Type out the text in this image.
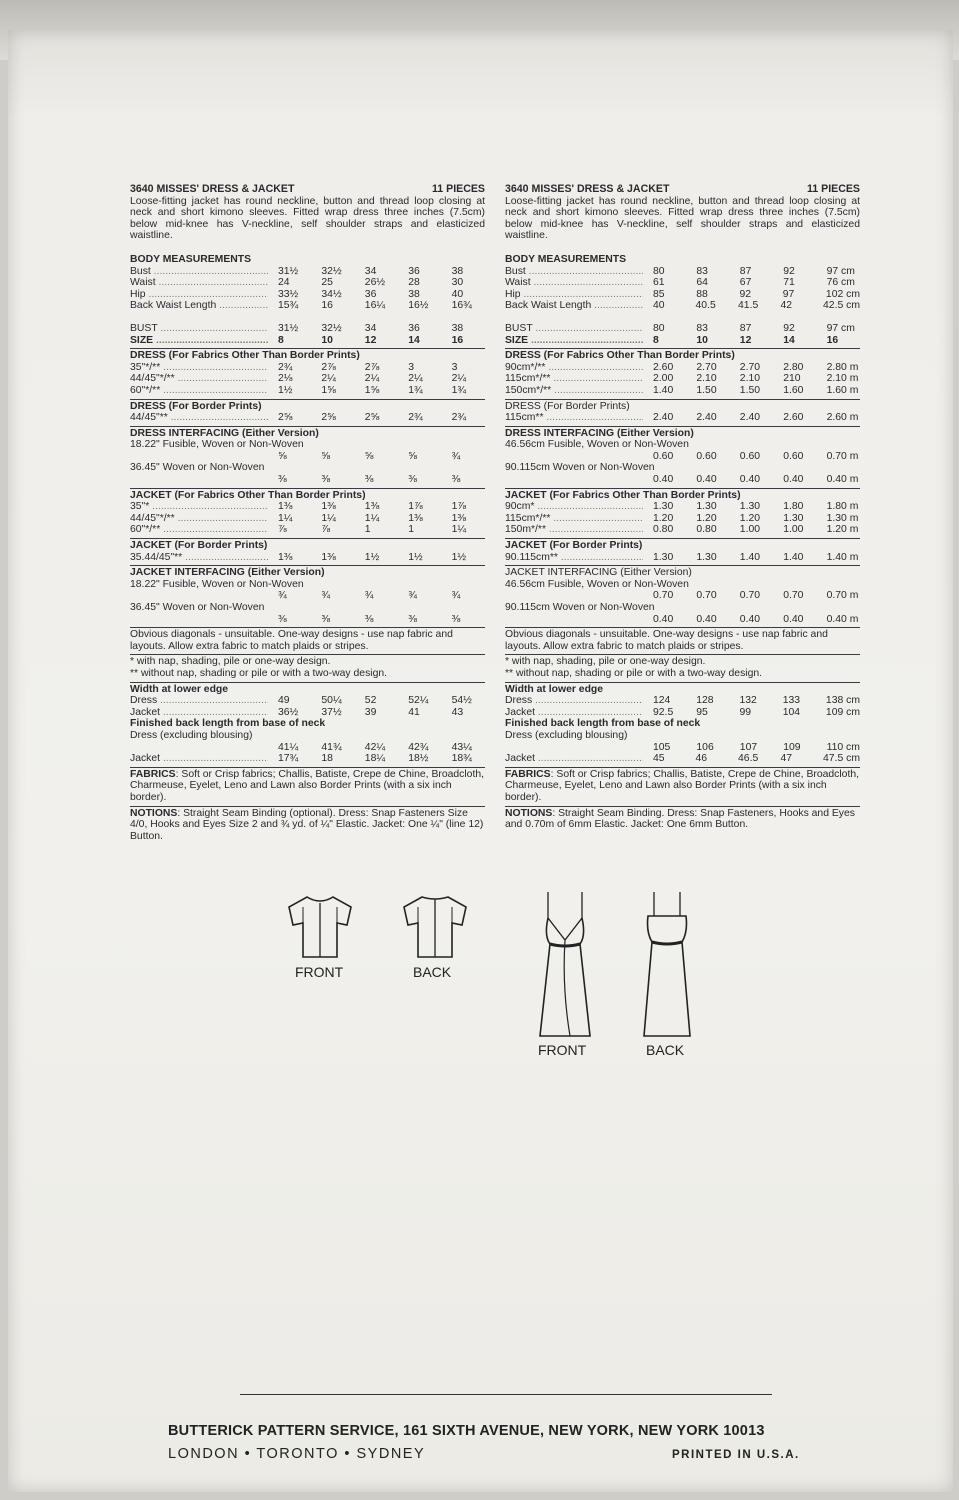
3640 MISSES' DRESS & JACKET	11 PIECES
Loose-fitting jacket has round neckline, button and thread loop closing at neck and short kimono sleeves. Fitted wrap dress three inches (7.5cm) below mid-knee has V-neckline, self shoulder straps and elasticized waistline.
BODY MEASUREMENTS
Bust .....	31½	32½	34	36	38
Waist .....	24	25	26½	28	30
Hip .....	33½	34½	36	38	40
Back Waist Length .....	15¾	16	16¼	16½	16¾
BUST .....	31½	32½	34	36	38
SIZE .....	8	10	12	14	16
DRESS (For Fabrics Other Than Border Prints)
35"*/** .....	2¾	2⅞	2⅞	3	3
44/45"*/** .....	2⅛	2¼	2¼	2¼	2¼
60"*/** .....	1½	1⅝	1⅝	1¾	1¾
DRESS (For Border Prints)
44/45"** .....	2⅝	2⅝	2⅝	2¾	2¾
DRESS INTERFACING (Either Version)
18.22" Fusible, Woven or Non-Woven
⅝	⅝	⅝	⅝	¾
36.45" Woven or Non-Woven
⅜	⅜	⅜	⅜	⅜
JACKET (For Fabrics Other Than Border Prints)
35"* .....	1⅜	1⅜	1⅜	1⅞	1⅞
44/45"*/** .....	1¼	1¼	1¼	1⅜	1⅜
60"*/** .....	⅞	⅞	1	1	1¼
JACKET (For Border Prints)
35.44/45"** .....	1⅜	1⅜	1½	1½	1½
JACKET INTERFACING (Either Version)
18.22" Fusible, Woven or Non-Woven
¾	¾	¾	¾	¾
36.45" Woven or Non-Woven
⅜	⅜	⅜	⅜	⅜
Obvious diagonals - unsuitable. One-way designs - use nap fabric and layouts. Allow extra fabric to match plaids or stripes.
* with nap, shading, pile or one-way design.
** without nap, shading or pile or with a two-way design.
Width at lower edge
Dress .....	49	50¼	52	52¼	54½
Jacket .....	36½	37½	39	41	43
Finished back length from base of neck
Dress (excluding blousing)
41¼	41¾	42¼	42¾	43¼
Jacket .....	17¾	18	18¼	18½	18¾
FABRICS: Soft or Crisp fabrics; Challis, Batiste, Crepe de Chine, Broadcloth, Charmeuse, Eyelet, Leno and Lawn also Border Prints (with a six inch border).
NOTIONS: Straight Seam Binding (optional). Dress: Snap Fasteners Size 4/0, Hooks and Eyes Size 2 and ¾ yd. of ¼" Elastic. Jacket: One ¼" (line 12) Button.
3640 MISSES' DRESS & JACKET	11 PIECES
Loose-fitting jacket has round neckline, button and thread loop closing at neck and short kimono sleeves. Fitted wrap dress three inches (7.5cm) below mid-knee has V-neckline, self shoulder straps and elasticized waistline.
BODY MEASUREMENTS
Bust .....	80	83	87	92	97 cm
Waist .....	61	64	67	71	76 cm
Hip .....	85	88	92	97	102 cm
Back Waist Length .....	40	40.5	41.5	42	42.5 cm
BUST .....	80	83	87	92	97 cm
SIZE .....	8	10	12	14	16
DRESS (For Fabrics Other Than Border Prints)
90cm*/** .....	2.60	2.70	2.70	2.80	2.80 m
115cm*/** .....	2.00	2.10	2.10	210	2.10 m
150cm*/** .....	1.40	1.50	1.50	1.60	1.60 m
DRESS (For Border Prints)
115cm** .....	2.40	2.40	2.40	2.60	2.60 m
DRESS INTERFACING (Either Version)
46.56cm Fusible, Woven or Non-Woven
0.60	0.60	0.60	0.60	0.70 m
90.115cm Woven or Non-Woven
0.40	0.40	0.40	0.40	0.40 m
JACKET (For Fabrics Other Than Border Prints)
90cm* .....	1.30	1.30	1.30	1.80	1.80 m
115cm*/** .....	1.20	1.20	1.20	1.30	1.30 m
150m*/** .....	0.80	0.80	1.00	1.00	1.20 m
JACKET (For Border Prints)
90.115cm** .....	1.30	1.30	1.40	1.40	1.40 m
JACKET INTERFACING (Either Version)
46.56cm Fusible, Woven or Non-Woven
0.70	0.70	0.70	0.70	0.70 m
90.115cm Woven or Non-Woven
0.40	0.40	0.40	0.40	0.40 m
Obvious diagonals - unsuitable. One-way designs - use nap fabric and layouts. Allow extra fabric to match plaids or stripes.
* with nap, shading, pile or one-way design.
** without nap, shading or pile or with a two-way design.
Width at lower edge
Dress .....	124	128	132	133	138 cm
Jacket .....	92.5	95	99	104	109 cm
Finished back length from base of neck
Dress (excluding blousing)
105	106	107	109	110 cm
Jacket .....	45	46	46.5	47	47.5 cm
FABRICS: Soft or Crisp fabrics; Challis, Batiste, Crepe de Chine, Broadcloth, Charmeuse, Eyelet, Leno and Lawn also Border Prints (with a six inch border).
NOTIONS: Straight Seam Binding. Dress: Snap Fasteners, Hooks and Eyes and 0.70m of 6mm Elastic. Jacket: One 6mm Button.
FRONT	BACK
FRONT	BACK
BUTTERICK PATTERN SERVICE, 161 SIXTH AVENUE, NEW YORK, NEW YORK 10013
LONDON • TORONTO • SYDNEY	PRINTED IN U.S.A.
